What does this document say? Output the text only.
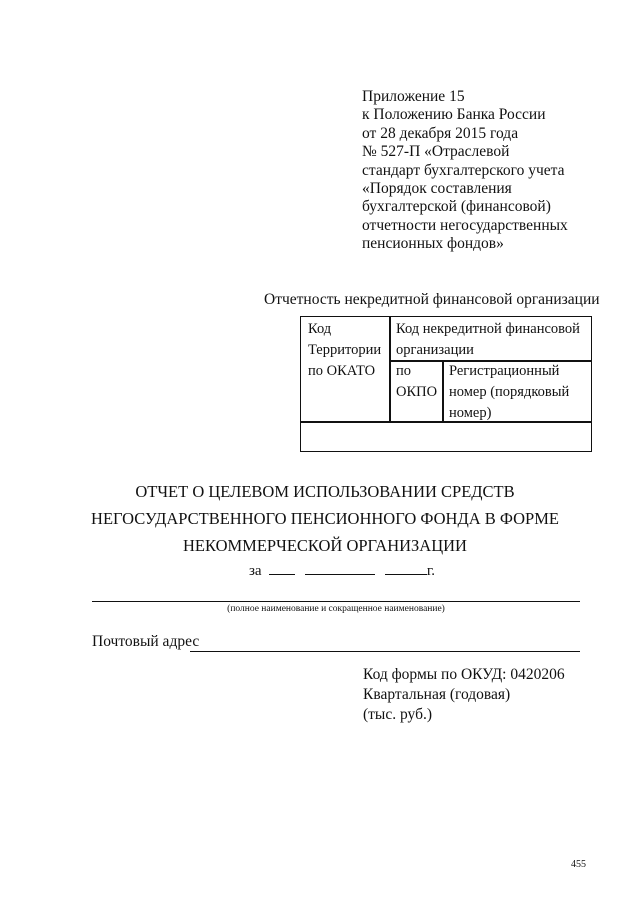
Приложение 15
к Положению Банка России
от 28 декабря 2015 года
№ 527-П «Отраслевой
стандарт бухгалтерского учета
«Порядок составления
бухгалтерской (финансовой)
отчетности негосударственных
пенсионных фондов»
Отчетность некредитной финансовой организации
Код
Территории
по ОКАТО
Код некредитной финансовой
организации
по
ОКПО
Регистрационный
номер (порядковый
номер)
ОТЧЕТ О ЦЕЛЕВОМ ИСПОЛЬЗОВАНИИ СРЕДСТВ
НЕГОСУДАРСТВЕННОГО ПЕНСИОННОГО ФОНДА В ФОРМЕ
НЕКОММЕРЧЕСКОЙ ОРГАНИЗАЦИИ
за	г.
(полное наименование и сокращенное наименование)
Почтовый адрес
Код формы по ОКУД: 0420206
Квартальная (годовая)
(тыс. руб.)
455
